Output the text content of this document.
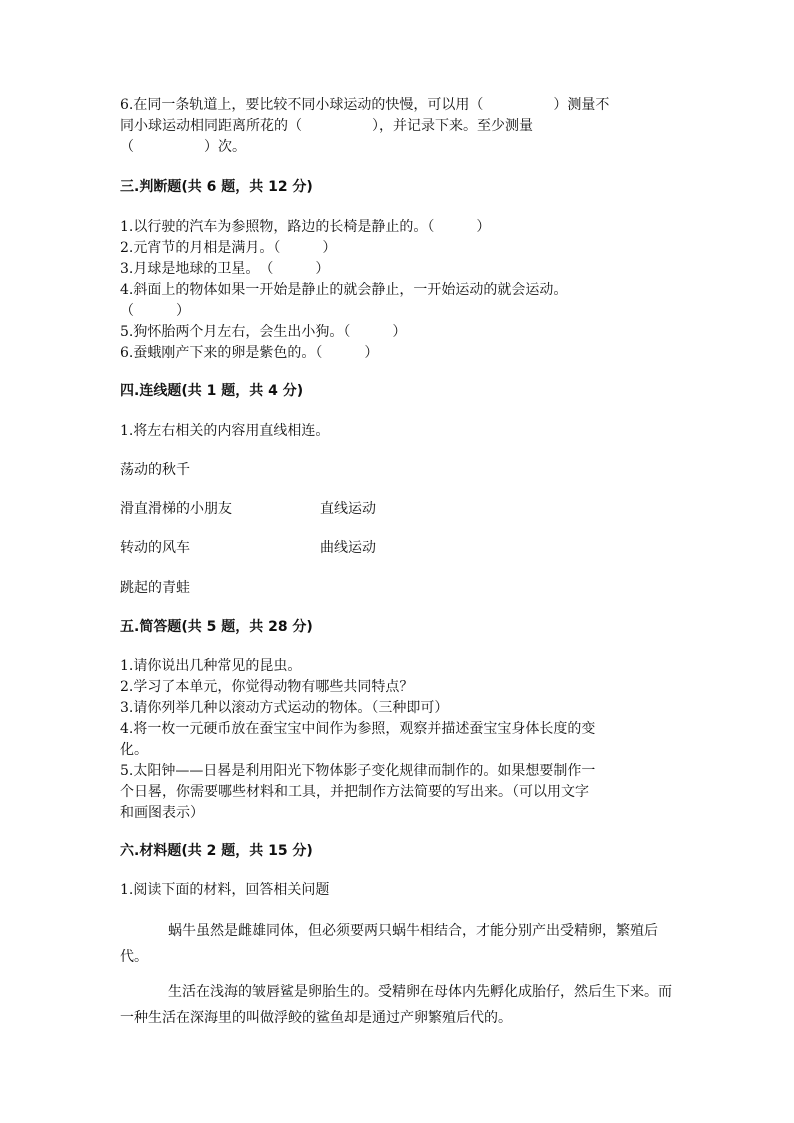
6.在同一条轨道上，要比较不同小球运动的快慢，可以用（　　　　　）测量不
同小球运动相同距离所花的（　　　　　），并记录下来。至少测量
（　　　　　）次。
三.判断题(共 6 题，共 12 分)
1.以行驶的汽车为参照物，路边的长椅是静止的。（　　　）
2.元宵节的月相是满月。（　　　）
3.月球是地球的卫星。　（　　　）
4.斜面上的物体如果一开始是静止的就会静止，一开始运动的就会运动。
（　　　）
5.狗怀胎两个月左右，会生出小狗。（　　　）
6.蚕蛾刚产下来的卵是紫色的。（　　　）
四.连线题(共 1 题，共 4 分)
1.将左右相关的内容用直线相连。
荡动的秋千
滑直滑梯的小朋友	直线运动
转动的风车	曲线运动
跳起的青蛙
五.简答题(共 5 题，共 28 分)
1.请你说出几种常见的昆虫。
2.学习了本单元，你觉得动物有哪些共同特点？
3.请你列举几种以滚动方式运动的物体。（三种即可）
4.将一枚一元硬币放在蚕宝宝中间作为参照，观察并描述蚕宝宝身体长度的变
化。
5.太阳钟——日晷是利用阳光下物体影子变化规律而制作的。如果想要制作一
个日晷，你需要哪些材料和工具，并把制作方法简要的写出来。（可以用文字
和画图表示）
六.材料题(共 2 题，共 15 分)
1.阅读下面的材料，回答相关问题
蜗牛虽然是雌雄同体，但必须要两只蜗牛相结合，才能分别产出受精卵，繁殖后代。
生活在浅海的皱唇鲨是卵胎生的。受精卵在母体内先孵化成胎仔，然后生下来。而一种生活在深海里的叫做浮鲛的鲨鱼却是通过产卵繁殖后代的。
